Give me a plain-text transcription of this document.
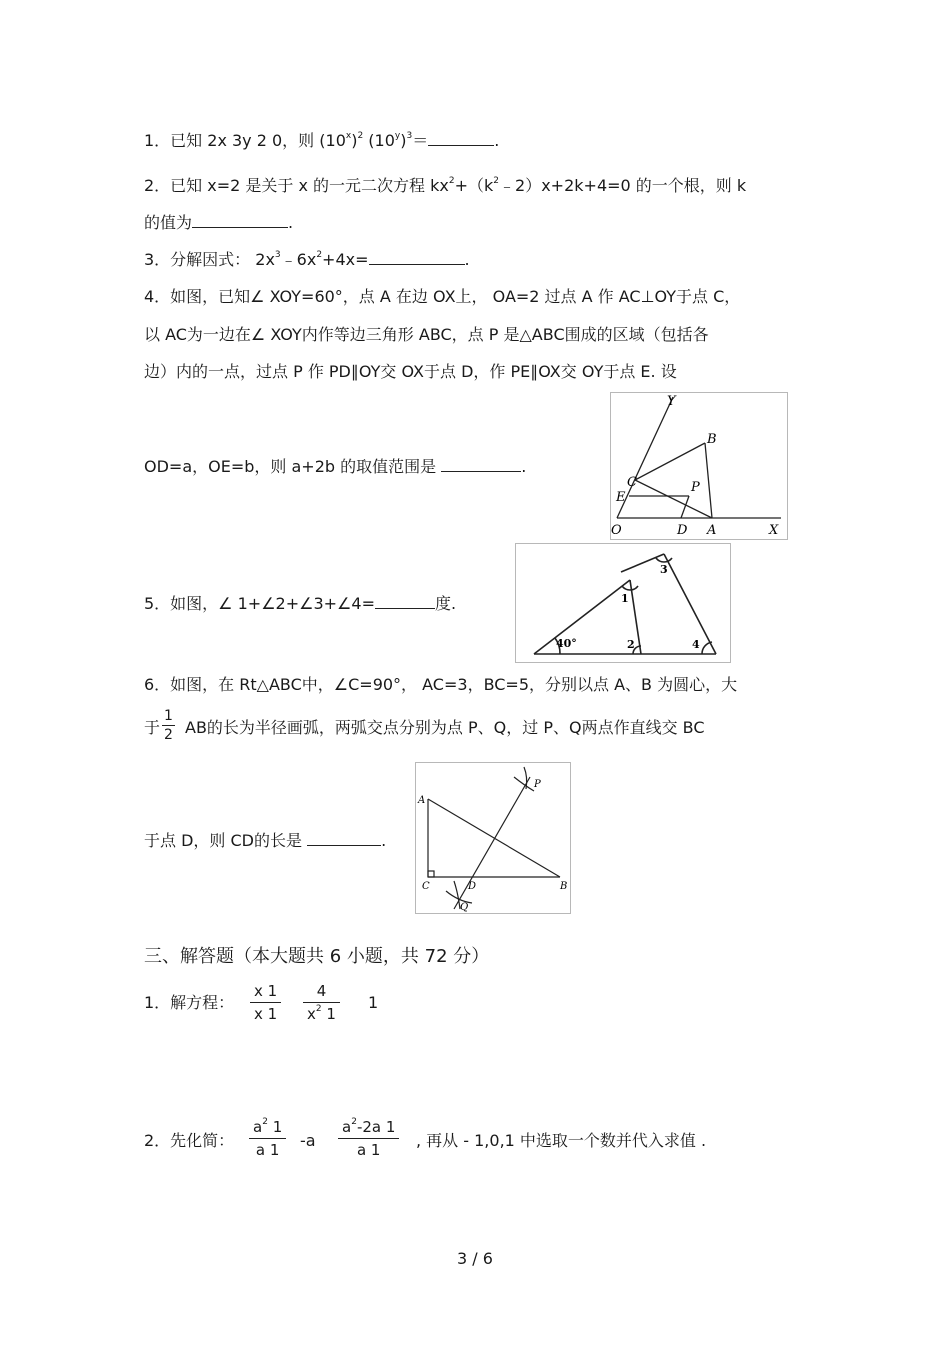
1．已知 2x 3y 2 0，则 $(10^x)^2$ $(10^y)^3=$	.
2．已知 x=2 是关于 x 的一元二次方程 $kx^2+(k^2﹣2)x+2k+4=0$ 的一个根，则 k
的值为	.
3．分解因式： $2x^3﹣6x^2+4x=$	.
4．如图，已知∠ XOY=60°，点 A 在边 OX上， OA=2 过点 A 作 AC⊥OY于点 C，
以 AC为一边在∠ XOY内作等边三角形 ABC，点 P 是△ABC围成的区域（包括各
边）内的一点，过点 P 作 PD∥OY交 OX于点 D，作 PE∥OX交 OY于点 E. 设
OD=a，OE=b，则 a+2b 的取值范围是	.
Y
B
C
E
P
O	D A	X
5．如图，∠ 1+∠2+∠3+∠4=	度.
40°
1
2
3
4
6．如图，在 Rt△ABC中，∠C=90°， AC=3，BC=5，分别以点 A、B 为圆心，大
于 $\frac{1}{2}$ AB的长为半径画弧，两弧交点分别为点 P、Q，过 P、Q两点作直线交 BC
于点 D，则 CD的长是	.
A
C	D	B
P
Q
三、解答题（本大题共 6 小题，共 72 分）
1．解方程： $\frac{x 1}{x 1} \frac{4}{x^2 1} 1$
2．先化简： $\frac{a^2 1}{a 1} -a \frac{a^2-2a 1}{a 1}$ , 再从 - 1,0,1 中选取一个数并代入求值 .
3 / 6
